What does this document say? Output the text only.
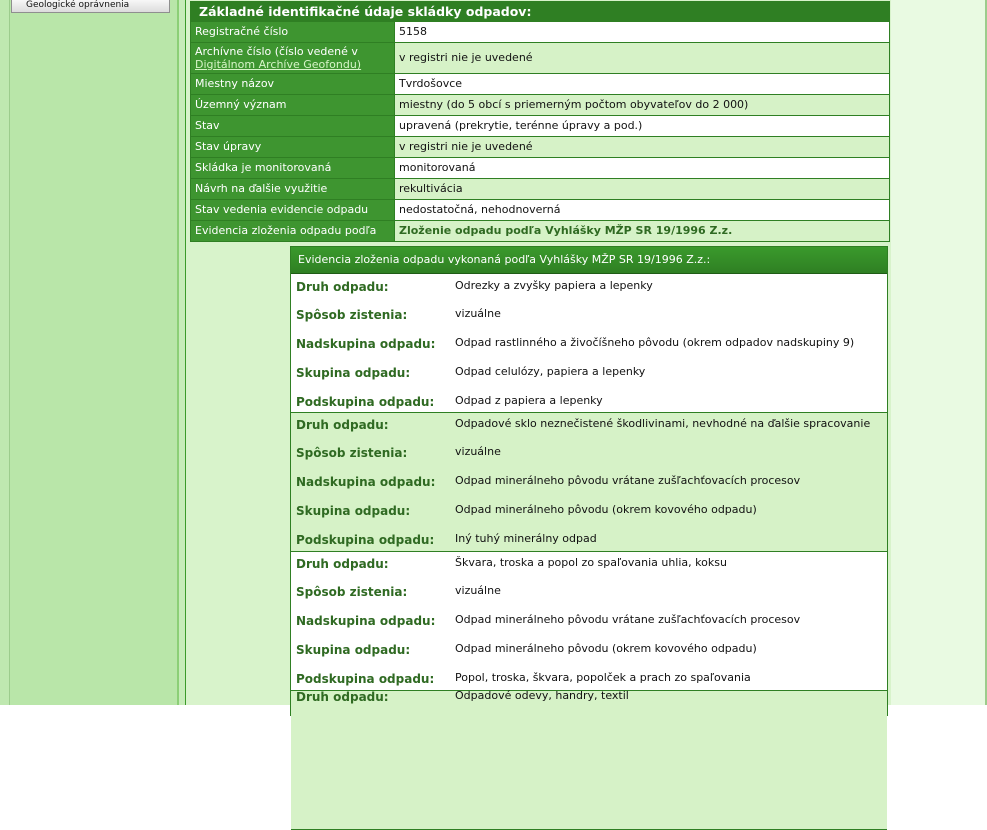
Geologické oprávnenia	Základné identifikačné údaje skládky odpadov:
Registračné číslo	5158
Archívne číslo (číslo vedené v
Digitálnom Archíve Geofondu)
v registri nie je uvedené
Miestny názov	Tvrdošovce
Územný význam	miestny (do 5 obcí s priemerným počtom obyvateľov do 2 000)
Stav	upravená (prekrytie, terénne úpravy a pod.)
Stav úpravy	v registri nie je uvedené
Skládka je monitorovaná	monitorovaná
Návrh na ďalšie využitie	rekultivácia
Stav vedenia evidencie odpadu	nedostatočná, nehodnoverná
Evidencia zloženia odpadu podľa	Zloženie odpadu podľa Vyhlášky MŽP SR 19/1996 Z.z.
Evidencia zloženia odpadu vykonaná podľa Vyhlášky MŽP SR 19/1996 Z.z.:
Druh odpadu:	Odrezky a zvyšky papiera a lepenky
Spôsob zistenia:	vizuálne
Nadskupina odpadu: Odpad rastlinného a živočíšneho pôvodu (okrem odpadov nadskupiny 9)
Skupina odpadu:	Odpad celulózy, papiera a lepenky
Podskupina odpadu: Odpad z papiera a lepenky
Druh odpadu:	Odpadové sklo neznečistené škodlivinami, nevhodné na ďalšie spracovanie
Spôsob zistenia:	vizuálne
Nadskupina odpadu: Odpad minerálneho pôvodu vrátane zušľachťovacích procesov
Skupina odpadu:	Odpad minerálneho pôvodu (okrem kovového odpadu)
Podskupina odpadu: Iný tuhý minerálny odpad
Druh odpadu:	Škvara, troska a popol zo spaľovania uhlia, koksu
Spôsob zistenia:	vizuálne
Nadskupina odpadu: Odpad minerálneho pôvodu vrátane zušľachťovacích procesov
Skupina odpadu:	Odpad minerálneho pôvodu (okrem kovového odpadu)
Podskupina odpadu: Popol, troska, škvara, popolček a prach zo spaľovania
Druh odpadu:	Odpadové odevy, handry, textil
